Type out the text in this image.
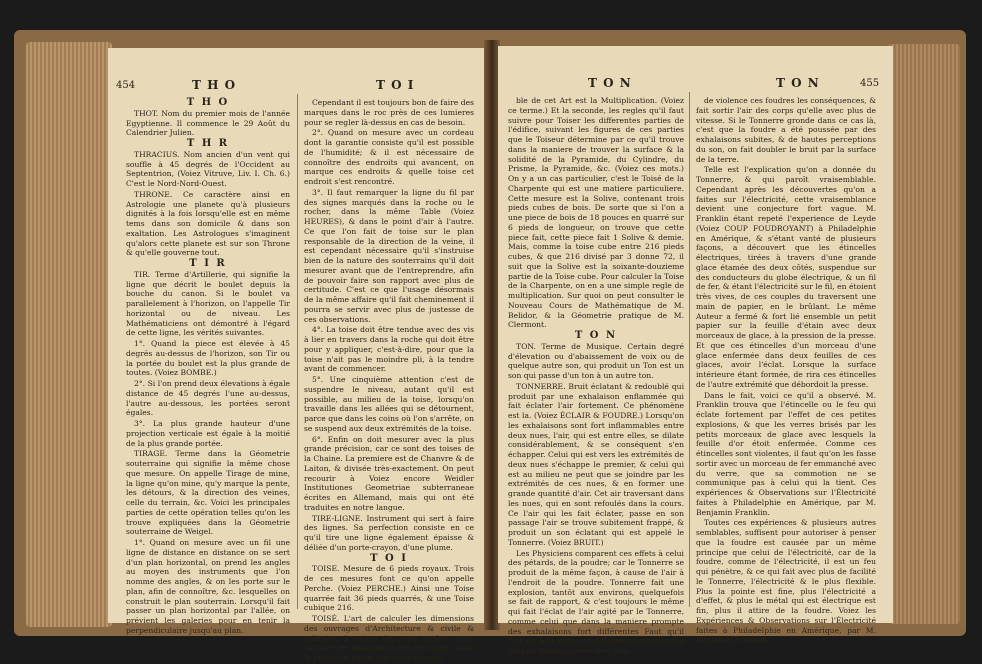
454	T H O	T O I

T H O

THOT. Nom du premier mois de l'année Egyptienne. Il commence le 29 Août du Calendrier Julien.

T H R

THRACIUS. Nom ancien d'un vent qui souffle à 45 degrés de l'Occident au Septentrion, (Voiez Vitruve, Liv. I. Ch. 6.) C'est le Nord-Nord-Ouest.

THRONE. Ce caractère ainsi en Astrologie une planete qu'à plusieurs dignités à la fois lorsqu'elle est en même tems dans son domicile & dans son exaltation. Les Astrologues s'imaginent qu'alors cette planete est sur son Throne & qu'elle gouverne tout.

T I R

TIR. Terme d'Artillerie, qui signifie la ligne que décrit le boulet depuis la bouche du canon. Si le boulet va parallelement à l'horizon, on l'appelle Tir horizontal ou de niveau. Les Mathématiciens ont démontré à l'égard de cette ligne, les vérités suivantes.

1°. Quand la piece est élevée à 45 degrés au-dessus de l'horizon, son Tir ou la portée du boulet est la plus grande de toutes. (Voiez BOMBE.)

2°. Si l'on prend deux élevations à égale distance de 45 degrés l'une au-dessus, l'autre au-dessous, les portées seront égales.

3°. La plus grande hauteur d'une projection verticale est égale à la moitié de la plus grande portée.

TIRAGE. Terme dans la Géometrie souterraine qui signifie la même chose que mesure. On appelle Tirage de mine, la ligne qu'on mine, qu'y marque la pente, les détours, & la direction des veines, celle du terrain, &c. Voici les principales parties de cette opération telles qu'on les trouve expliquées dans la Géometrie souterraine de Weigel.

1°. Quand on mesure avec un fil une ligne de distance en distance on se sert d'un plan horizontal, on prend les angles au moyen des instruments que l'on nomme des angles, & on les porte sur le plan, afin de connoître, &c. lesquelles on construit le plan souterrain. Lorsqu'il fait passer un plan horizontal par l'allée, on prévient les galeries pour en tenir la perpendiculaire jusqu'au plan.

Cependant il est toujours bon de faire des marques dans le roc près de ces lumieres pour se regler là-dessus en cas de besoin.

2°. Quand on mesure avec un cordeau dont la garantie consiste qu'il est possible de l'humidité; & il est nécessaire de connoître des endroits qui avancent, on marque ces endroits & quelle toise cet endroit s'est rencontré.

3°. Il faut remarquer la ligne du fil par des signes marqués dans la roche ou le rocher, dans la même Table (Voiez HEURES), & dans le point d'air à l'autre. Ce que l'on fait de toise sur le plan responsable de la direction de la veine, il est cependant nécessaire qu'il s'instruise bien de la nature des souterrains qu'il doit mesurer avant que de l'entreprendre, afin de pouvoir faire son rapport avec plus de certitude. C'est ce que l'usage désormais de la même affaire qu'il fait cheminement il pourra se servir avec plus de justesse de ces observations.

4°. La toise doit être tendue avec des vis à lier en travers dans la roche qui doit être pour y appliquer, c'est-à-dire, pour que la toise n'ait pas le moindre pli, à la tendre avant de commencer.

5°. Une cinquième attention c'est de suspendre le niveau, autant qu'il est possible, au milieu de la toise, lorsqu'on travaille dans les allées qui se détournent, parce que dans les coins où l'on s'arrête, on se suspend aux deux extrémités de la toise.

6°. Enfin on doit mesurer avec la plus grande précision, car ce sont des toises de la Chaine. La premiere est de Chanvre & de Laiton, & divisée très-exactement. On peut recourir à Voiez encore Weidler Institutiones Geometriae subterraneae écrites en Allemand, mais qui ont été traduites en notre langue.

TIRE-LIGNE. Instrument qui sert à faire des lignes. Sa perfection consiste en ce qu'il tire une ligne également épaisse & déliée d'un porte-crayon, d'une plume.

T O I

TOISE. Mesure de 6 pieds royaux. Trois de ces mesures font ce qu'on appelle Perche. (Voiez PERCHE.) Ainsi une Toise quarrée fait 36 pieds quarrés, & une Toise cubique 216.

TOISÉ. L'art de calculer les dimensions des ouvrages d'Architecture & civile & militaire, à raison de toute espèce, pour calculer les dimensions des ouvrages. Ainsi la premiere partie des ces ouvrages.

T O N	T O N	455

ble de cet Art est la Multiplication. (Voiez ce terme.) Et la seconde, les regles qu'il faut suivre pour Toiser les differentes parties de l'édifice, suivant les figures de ces parties que le Toiseur détermine par ce qu'il trouve dans la maniere de trouver la surface & la solidité de la Pyramide, du Cylindre, du Prisme, la Pyramide, &c. (Voiez ces mots.) On y a un cas particulier, c'est le Toisé de la Charpente qui est une matiere particuliere. Cette mesure est la Solive, contenant trois pieds cubes de bois. De sorte que si l'on a une piece de bois de 18 pouces en quarré sur 6 pieds de longueur, on trouve que cette piece fait, cette piece fait 1 Solive & demie. Mais, comme la toise cube entre 216 pieds cubes, & que 216 divisé par 3 donne 72, il suit que la Solive est la soixante-douzieme partie de la Toise cube. Pour calculer la Toise de la Charpente, on en a une simple regle de multiplication. Sur quoi on peut consulter le Nouveau Cours de Mathématique de M. Belidor, & la Géometrie pratique de M. Clermont.

T O N

TON. Terme de Musique. Certain degré d'élevation ou d'abaissement de voix ou de quelque autre son, qui produit un Ton est un son qui passe d'un ton à un autre ton.

TONNERRE. Bruit éclatant & redoublé qui produit par une exhalaison enflammée qui fait éclater l'air fortement. Ce phénomène est la. (Voiez ÉCLAIR & FOUDRE.) Lorsqu'on les exhalaisons sont fort inflammables entre deux nues, l'air, qui est entre elles, se dilate considérablement, & se conséquent s'en échapper. Celui qui est vers les extrémités de deux nues s'échappe le premier, & celui qui est au milieu ne peut que se joindre par les extrémités de ces nues, & en former une grande quantité d'air. Cet air traversant dans les nues, qui en sont refoulés dans la cours. Ce l'air qui les fait éclater, passe en son passage l'air se trouve subitement frappé, & produit un son éclatant qui est appelé le Tonnerre. (Voiez BRUIT.)

Les Physiciens comparent ces effets à celui des pétards, de la poudre; car le Tonnerre se produit de la même façon, à cause de l'air à l'endroit de la poudre. Tonnerre fait une explosion, tantôt aux environs, quelquefois se fait de rapport, & c'est toujours le même qui fait l'éclat de l'air agité par le Tonnerre, comme celui que dans la maniere prompte des exhalaisons fort différentes Faut qu'il l'air en agit avec ces différentes exhalaisons plus ou moins agitées avec plus

de violence ces foudres les conséquences, & fait sortir l'air des corps qu'elle avec plus de vitesse. Si le Tonnerre gronde dans ce cas là, c'est que la foudre a été poussée par des exhalaisons subites, & de hautes perceptions du son, on fait doubler le bruit par la surface de la terre.

Telle est l'explication qu'on a donnée du Tonnerre, & qui paroît vraisemblable. Cependant après les découvertes qu'on a faites sur l'électricité, cette vraisemblance devient une conjecture fort vague. M. Franklin étant repeté l'experience de Leyde (Voiez COUP FOUDROYANT) à Philadelphie en Amérique, & s'étant vanté de plusieurs façons, a découvert que les étincelles électriques, tirées à travers d'une grande glace étamée des deux côtés, suspendue sur des conducteurs du globe électrique, & un fil de fer, & étant l'électricité sur le fil, en étoient très vives, de ces couples du traversent une main de papier, en le brûlant. Le même Auteur a fermé & fort lié ensemble un petit papier sur la feuille d'étain avec deux morceaux de glace, à la pression de la presse. Et que ces étincelles d'un morceau d'une glace enfermée dans deux feuilles de ces glaces, avoir l'éclat. Lorsque la surface intérieure étant formée, de rira ces étincelles de l'autre extrémité que débordoit la presse.

Dans le fait, voici ce qu'il a observé. M. Franklin trouva que l'étincelle ou le feu qui éclate fortement par l'effet de ces petites explosions, & que les verres brisés par les petits morceaux de glace avec lesquels la feuille d'or étoit enfermée. Comme ces étincelles sont violentes, il faut qu'on les fasse sortir avec un morceau de fer emmanché avec du verre, que sa commotion ne se communique pas à celui qui la tient. Ces expériences & Observations sur l'Électricité faites à Philadelphie en Amérique, par M. Benjamin Franklin.

Toutes ces expériences & plusieurs autres semblables, suffisent pour autoriser à penser que la foudre est causée par un même principe que celui de l'électricité, car de la foudre, comme de l'électricité, il est un feu qui pénètre, & ce qui fait avec plus de facilité le Tonnerre, l'électricité & le plus flexible. Plus la pointe est fine, plus l'électricité a d'effet, & plus le métal qui est électrique est fin, plus il attire de la foudre. Voiez les Expériences & Observations sur l'Électricité faites à Philadelphie en Amérique, par M. Benjamin Franklin.
